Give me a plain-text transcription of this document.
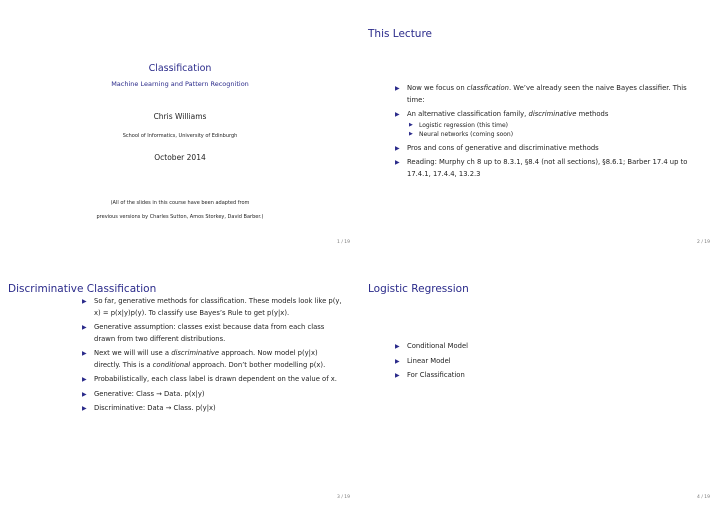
Classification
Machine Learning and Pattern Recognition
Chris Williams
School of Informatics, University of Edinburgh
October 2014
(All of the slides in this course have been adapted from
previous versions by Charles Sutton, Amos Storkey, David Barber.)
1 / 19
This Lecture
▶ Now we focus on classfication. We’ve already seen the naive Bayes classifier. This time:
▶ An alternative classification family, discriminative methods
▶ Logistic regression (this time)
▶ Neural networks (coming soon)
▶ Pros and cons of generative and discriminative methods
▶ Reading: Murphy ch 8 up to 8.3.1, §8.4 (not all sections), §8.6.1; Barber 17.4 up to 17.4.1, 17.4.4, 13.2.3
2 / 19
Discriminative Classification
▶ So far, generative methods for classification. These models look like p(y, x) = p(x|y)p(y). To classify use Bayes’s Rule to get p(y|x).
▶ Generative assumption: classes exist because data from each class drawn from two different distributions.
▶ Next we will will use a discriminative approach. Now model p(y|x) directly. This is a conditional approach. Don’t bother modelling p(x).
▶ Probabilistically, each class label is drawn dependent on the value of x.
▶ Generative: Class → Data. p(x|y)
▶ Discriminative: Data → Class. p(y|x)
3 / 19
Logistic Regression
▶ Conditional Model
▶ Linear Model
▶ For Classification
4 / 19
